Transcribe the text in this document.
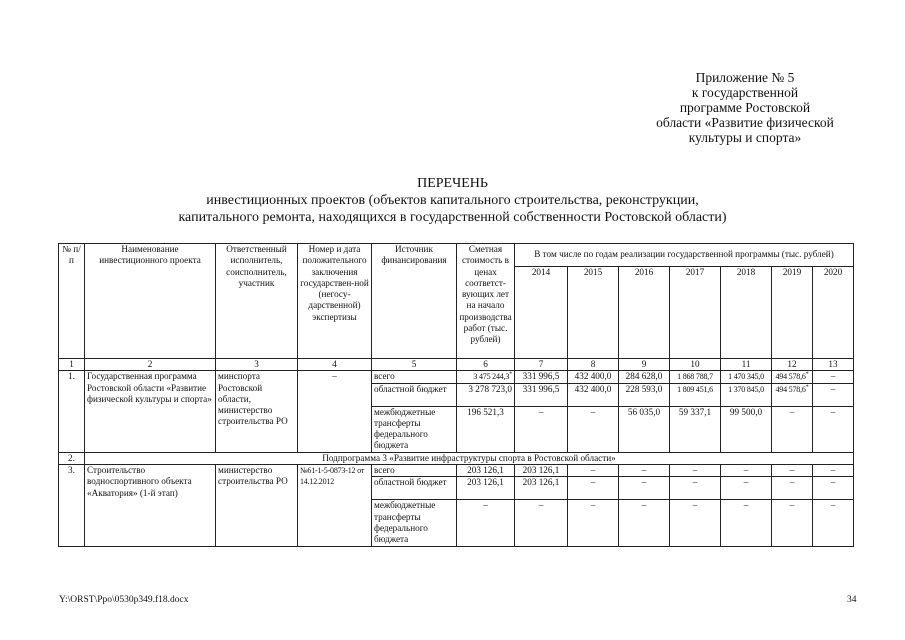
Приложение № 5
к государственной
программе Ростовской
области «Развитие физической
культуры и спорта»
ПЕРЕЧЕНЬ
инвестиционных проектов (объектов капитального строительства, реконструкции,
капитального ремонта, находящихся в государственной собственности Ростовской области)
№ п/п	Наименование инвестиционного проекта	Ответственный исполнитель, соисполнитель, участник	Номер и дата положительного заключения государствен-ной (негосу-дарственной) экспертизы	Источник финансирования	Сметная стоимость в ценах соответст-вующих лет на начало производства работ (тыс. рублей)	В том числе по годам реализации государственной программы (тыс. рублей)						
						2014	2015	2016	2017	2018	2019	2020
1	2	3	4	5	6	7	8	9	10	11	12	13
1.	Государственная программа Ростовской области «Развитие физической культуры и спорта»	минспорта Ростовской области, министерство строительства РО	–	всего	3 475 244,3*	331 996,5	432 400,0	284 628,0	1 868 788,7	1 470 345,0	494 578,6*	–
				областной бюджет	3 278 723,0	331 996,5	432 400,0	228 593,0	1 809 451,6	1 370 845,0	494 578,6*	–
				межбюджетные трансферты федерального бюджета	196 521,3	–	–	56 035,0	59 337,1	99 500,0	–	–
2.	Подпрограмма 3 «Развитие инфраструктуры спорта в Ростовской области»											
3.	Строительство водноспортивного объекта «Акватория» (1-й этап)	министерство строительства РО	№61-1-5-0873-12 от 14.12.2012	всего	203 126,1	203 126,1	–	–	–	–	–	–
				областной бюджет	203 126,1	203 126,1	–	–	–	–	–	–
				межбюджетные трансферты федерального бюджета	–	–	–	–	–	–	–	–
Y:\ORST\Ppo\0530p349.f18.docx	34
